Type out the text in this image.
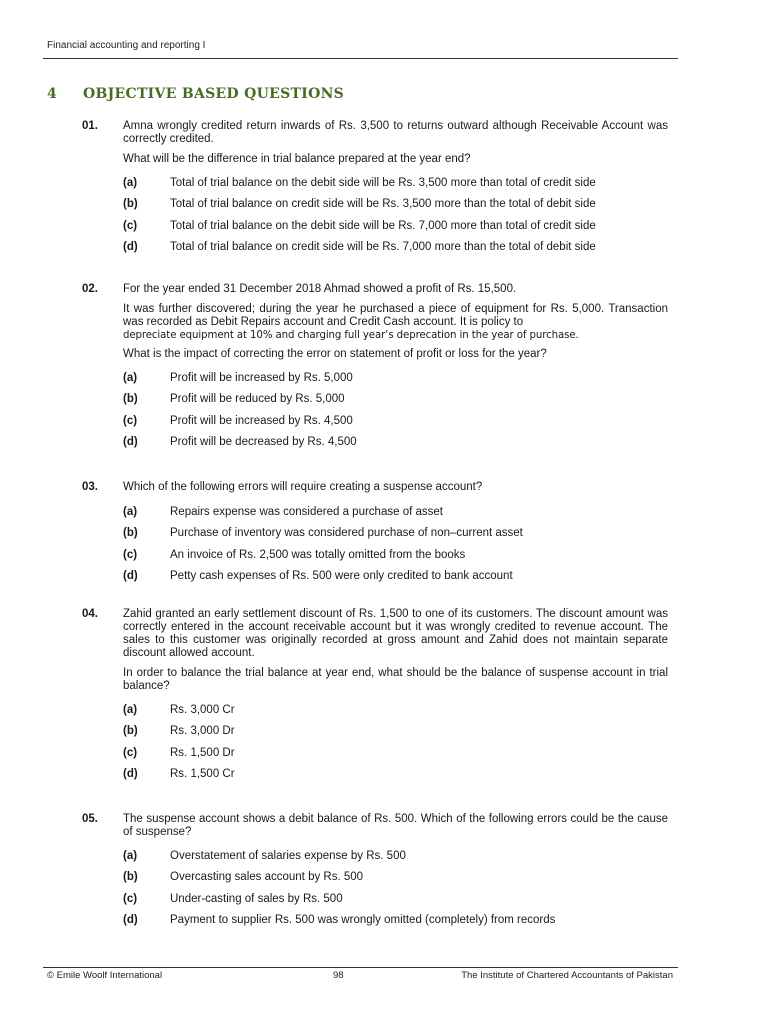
Financial accounting and reporting I
4	OBJECTIVE BASED QUESTIONS
01. Amna wrongly credited return inwards of Rs. 3,500 to returns outward although Receivable Account was correctly credited.

What will be the difference in trial balance prepared at the year end?

(a)	Total of trial balance on the debit side will be Rs. 3,500 more than total of credit side
(b)	Total of trial balance on credit side will be Rs. 3,500 more than the total of debit side
(c)	Total of trial balance on the debit side will be Rs. 7,000 more than total of credit side
(d)	Total of trial balance on credit side will be Rs. 7,000 more than the total of debit side
02. For the year ended 31 December 2018 Ahmad showed a profit of Rs. 15,500.

It was further discovered; during the year he purchased a piece of equipment for Rs. 5,000. Transaction was recorded as Debit Repairs account and Credit Cash account. It is policy to

depreciate equipment at 10% and charging full year’s deprecation in the year of purchase.

What is the impact of correcting the error on statement of profit or loss for the year?

(a)	Profit will be increased by Rs. 5,000
(b)	Profit will be reduced by Rs. 5,000
(c)	Profit will be increased by Rs. 4,500
(d)	Profit will be decreased by Rs. 4,500
03. Which of the following errors will require creating a suspense account?

(a)	Repairs expense was considered a purchase of asset
(b)	Purchase of inventory was considered purchase of non–current asset
(c)	An invoice of Rs. 2,500 was totally omitted from the books
(d)	Petty cash expenses of Rs. 500 were only credited to bank account
04. Zahid granted an early settlement discount of Rs. 1,500 to one of its customers. The discount amount was correctly entered in the account receivable account but it was wrongly credited to revenue account. The sales to this customer was originally recorded at gross amount and Zahid does not maintain separate discount allowed account.

In order to balance the trial balance at year end, what should be the balance of suspense account in trial balance?

(a)	Rs. 3,000 Cr
(b)	Rs. 3,000 Dr
(c)	Rs. 1,500 Dr
(d)	Rs. 1,500 Cr
05. The suspense account shows a debit balance of Rs. 500. Which of the following errors could be the cause of suspense?

(a)	Overstatement of salaries expense by Rs. 500
(b)	Overcasting sales account by Rs. 500
(c)	Under-casting of sales by Rs. 500
(d)	Payment to supplier Rs. 500 was wrongly omitted (completely) from records
© Emile Woolf International	98	The Institute of Chartered Accountants of Pakistan
